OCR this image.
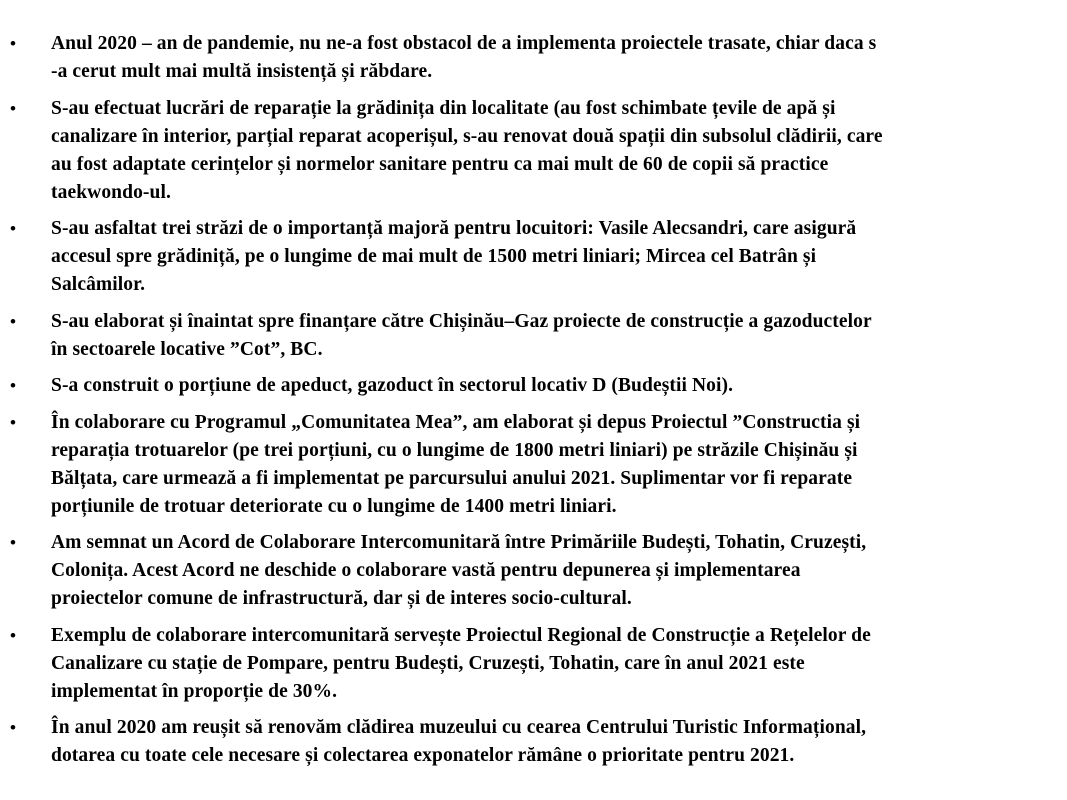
• Anul 2020 – an de pandemie, nu ne-a fost obstacol de a implementa proiectele trasate, chiar daca s
-a cerut mult mai multă insistență și răbdare.
• S-au efectuat lucrări de reparație la grădinița din localitate (au fost schimbate țevile de apă și
canalizare în interior, parțial reparat acoperișul, s-au renovat două spații din subsolul clădirii, care
au fost adaptate cerințelor și normelor sanitare pentru ca mai mult de 60 de copii să practice
taekwondo-ul.
• S-au asfaltat trei străzi de o importanță majoră pentru locuitori: Vasile Alecsandri, care asigură
accesul spre grădiniță, pe o lungime de mai mult de 1500 metri liniari; Mircea cel Batrân și
Salcâmilor.
• S-au elaborat și înaintat spre finanțare către Chișinău–Gaz proiecte de construcție a gazoductelor
în sectoarele locative ”Cot”, BC.
• S-a construit o porțiune de apeduct, gazoduct în sectorul locativ D (Budeștii Noi).
• În colaborare cu Programul „Comunitatea Mea”, am elaborat și depus Proiectul ”Constructia și
reparația trotuarelor (pe trei porțiuni, cu o lungime de 1800 metri liniari) pe străzile Chișinău și
Bălțata, care urmează a fi implementat pe parcursului anului 2021. Suplimentar vor fi reparate
porțiunile de trotuar deteriorate cu o lungime de 1400 metri liniari.
• Am semnat un Acord de Colaborare Intercomunitară între Primăriile Budești, Tohatin, Cruzești,
Colonița. Acest Acord ne deschide o colaborare vastă pentru depunerea și implementarea
proiectelor comune de infrastructură, dar și de interes socio-cultural.
• Exemplu de colaborare intercomunitară servește Proiectul Regional de Construcție a Rețelelor de
Canalizare cu stație de Pompare, pentru Budești, Cruzești, Tohatin, care în anul 2021 este
implementat în proporție de 30%.
• În anul 2020 am reușit să renovăm clădirea muzeului cu cearea Centrului Turistic Informațional,
dotarea cu toate cele necesare și colectarea exponatelor rămâne o prioritate pentru 2021.
